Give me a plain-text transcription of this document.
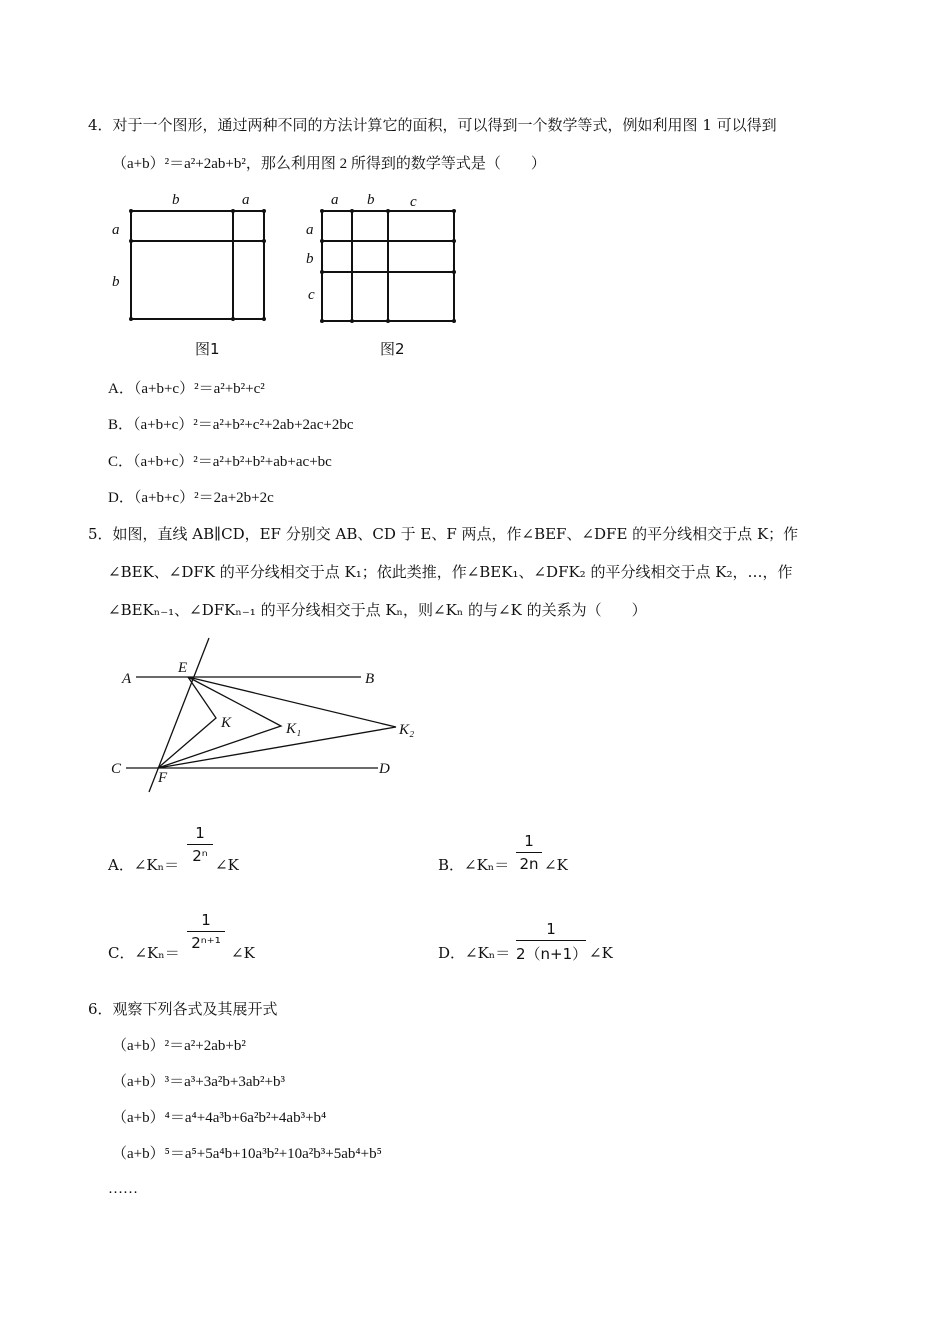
4．对于一个图形，通过两种不同的方法计算它的面积，可以得到一个数学等式，例如利用图 1 可以得到
（a+b）²＝a²+2ab+b²，那么利用图 2 所得到的数学等式是（　　）
b	a
a
b
a b c
a
b
c
图1	图2
A．（a+b+c）²＝a²+b²+c²
B．（a+b+c）²＝a²+b²+c²+2ab+2ac+2bc
C．（a+b+c）²＝a²+b²+b²+ab+ac+bc
D．（a+b+c）²＝2a+2b+2c
5．如图，直线 AB∥CD，EF 分别交 AB、CD 于 E、F 两点，作∠BEF、∠DFE 的平分线相交于点 K；作
∠BEK、∠DFK 的平分线相交于点 K₁；依此类推，作∠BEK₁、∠DFK₂ 的平分线相交于点 K₂，…，作
∠BEKₙ₋₁、∠DFKₙ₋₁ 的平分线相交于点 Kₙ，则∠Kₙ 的与∠K 的关系为（　　）
A
E
B
K	K₁	K₂
C
F
D
A．∠Kₙ＝
1
2ⁿ ∠K	B．∠Kₙ＝
1
2n ∠K
C．∠Kₙ＝
1
2ⁿ⁺¹
∠K	D．∠Kₙ＝
1
2（n+1） ∠K
6．观察下列各式及其展开式
（a+b）²＝a²+2ab+b²
（a+b）³＝a³+3a²b+3ab²+b³
（a+b）⁴＝a⁴+4a³b+6a²b²+4ab³+b⁴
（a+b）⁵＝a⁵+5a⁴b+10a³b²+10a²b³+5ab⁴+b⁵
……
